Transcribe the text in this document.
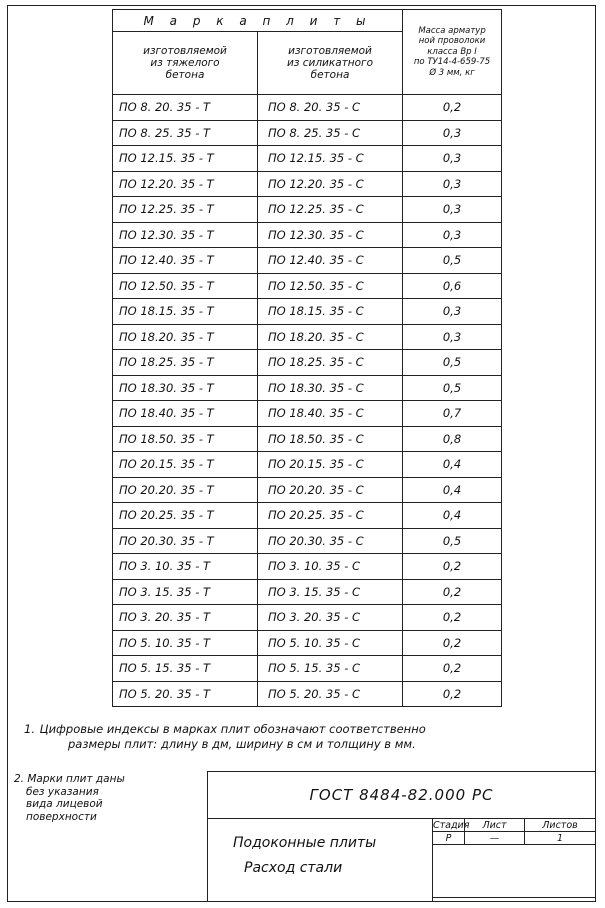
М а р к а п л и т ы		Масса арматур
ной проволоки
класса Вр I
по ТУ14-4-659-75
Ø 3 мм, кг
изготовляемой
из тяжелого
бетона	изготовляемой
из силикатного
бетона	
ПО 8. 20. 35 - Т	ПО 8. 20. 35 - С	0,2
ПО 8. 25. 35 - Т	ПО 8. 25. 35 - С	0,3
ПО 12.15. 35 - Т	ПО 12.15. 35 - С	0,3
ПО 12.20. 35 - Т	ПО 12.20. 35 - С	0,3
ПО 12.25. 35 - Т	ПО 12.25. 35 - С	0,3
ПО 12.30. 35 - Т	ПО 12.30. 35 - С	0,3
ПО 12.40. 35 - Т	ПО 12.40. 35 - С	0,5
ПО 12.50. 35 - Т	ПО 12.50. 35 - С	0,6
ПО 18.15. 35 - Т	ПО 18.15. 35 - С	0,3
ПО 18.20. 35 - Т	ПО 18.20. 35 - С	0,3
ПО 18.25. 35 - Т	ПО 18.25. 35 - С	0,5
ПО 18.30. 35 - Т	ПО 18.30. 35 - С	0,5
ПО 18.40. 35 - Т	ПО 18.40. 35 - С	0,7
ПО 18.50. 35 - Т	ПО 18.50. 35 - С	0,8
ПО 20.15. 35 - Т	ПО 20.15. 35 - С	0,4
ПО 20.20. 35 - Т	ПО 20.20. 35 - С	0,4
ПО 20.25. 35 - Т	ПО 20.25. 35 - С	0,4
ПО 20.30. 35 - Т	ПО 20.30. 35 - С	0,5
ПО 3. 10. 35 - Т	ПО 3. 10. 35 - С	0,2
ПО 3. 15. 35 - Т	ПО 3. 15. 35 - С	0,2
ПО 3. 20. 35 - Т	ПО 3. 20. 35 - С	0,2
ПО 5. 10. 35 - Т	ПО 5. 10. 35 - С	0,2
ПО 5. 15. 35 - Т	ПО 5. 15. 35 - С	0,2
ПО 5. 20. 35 - Т	ПО 5. 20. 35 - С	0,2
1. Цифровые индексы в марках плит обозначают соответственно
размеры плит: длину в дм, ширину в см и толщину в мм.
2. Марки плит даны
без указания
вида лицевой
поверхности
ГОСТ 8484-82.000 РС
Подоконные плиты
Расход стали
Стадия	Лист	Листов
Р	—	1
